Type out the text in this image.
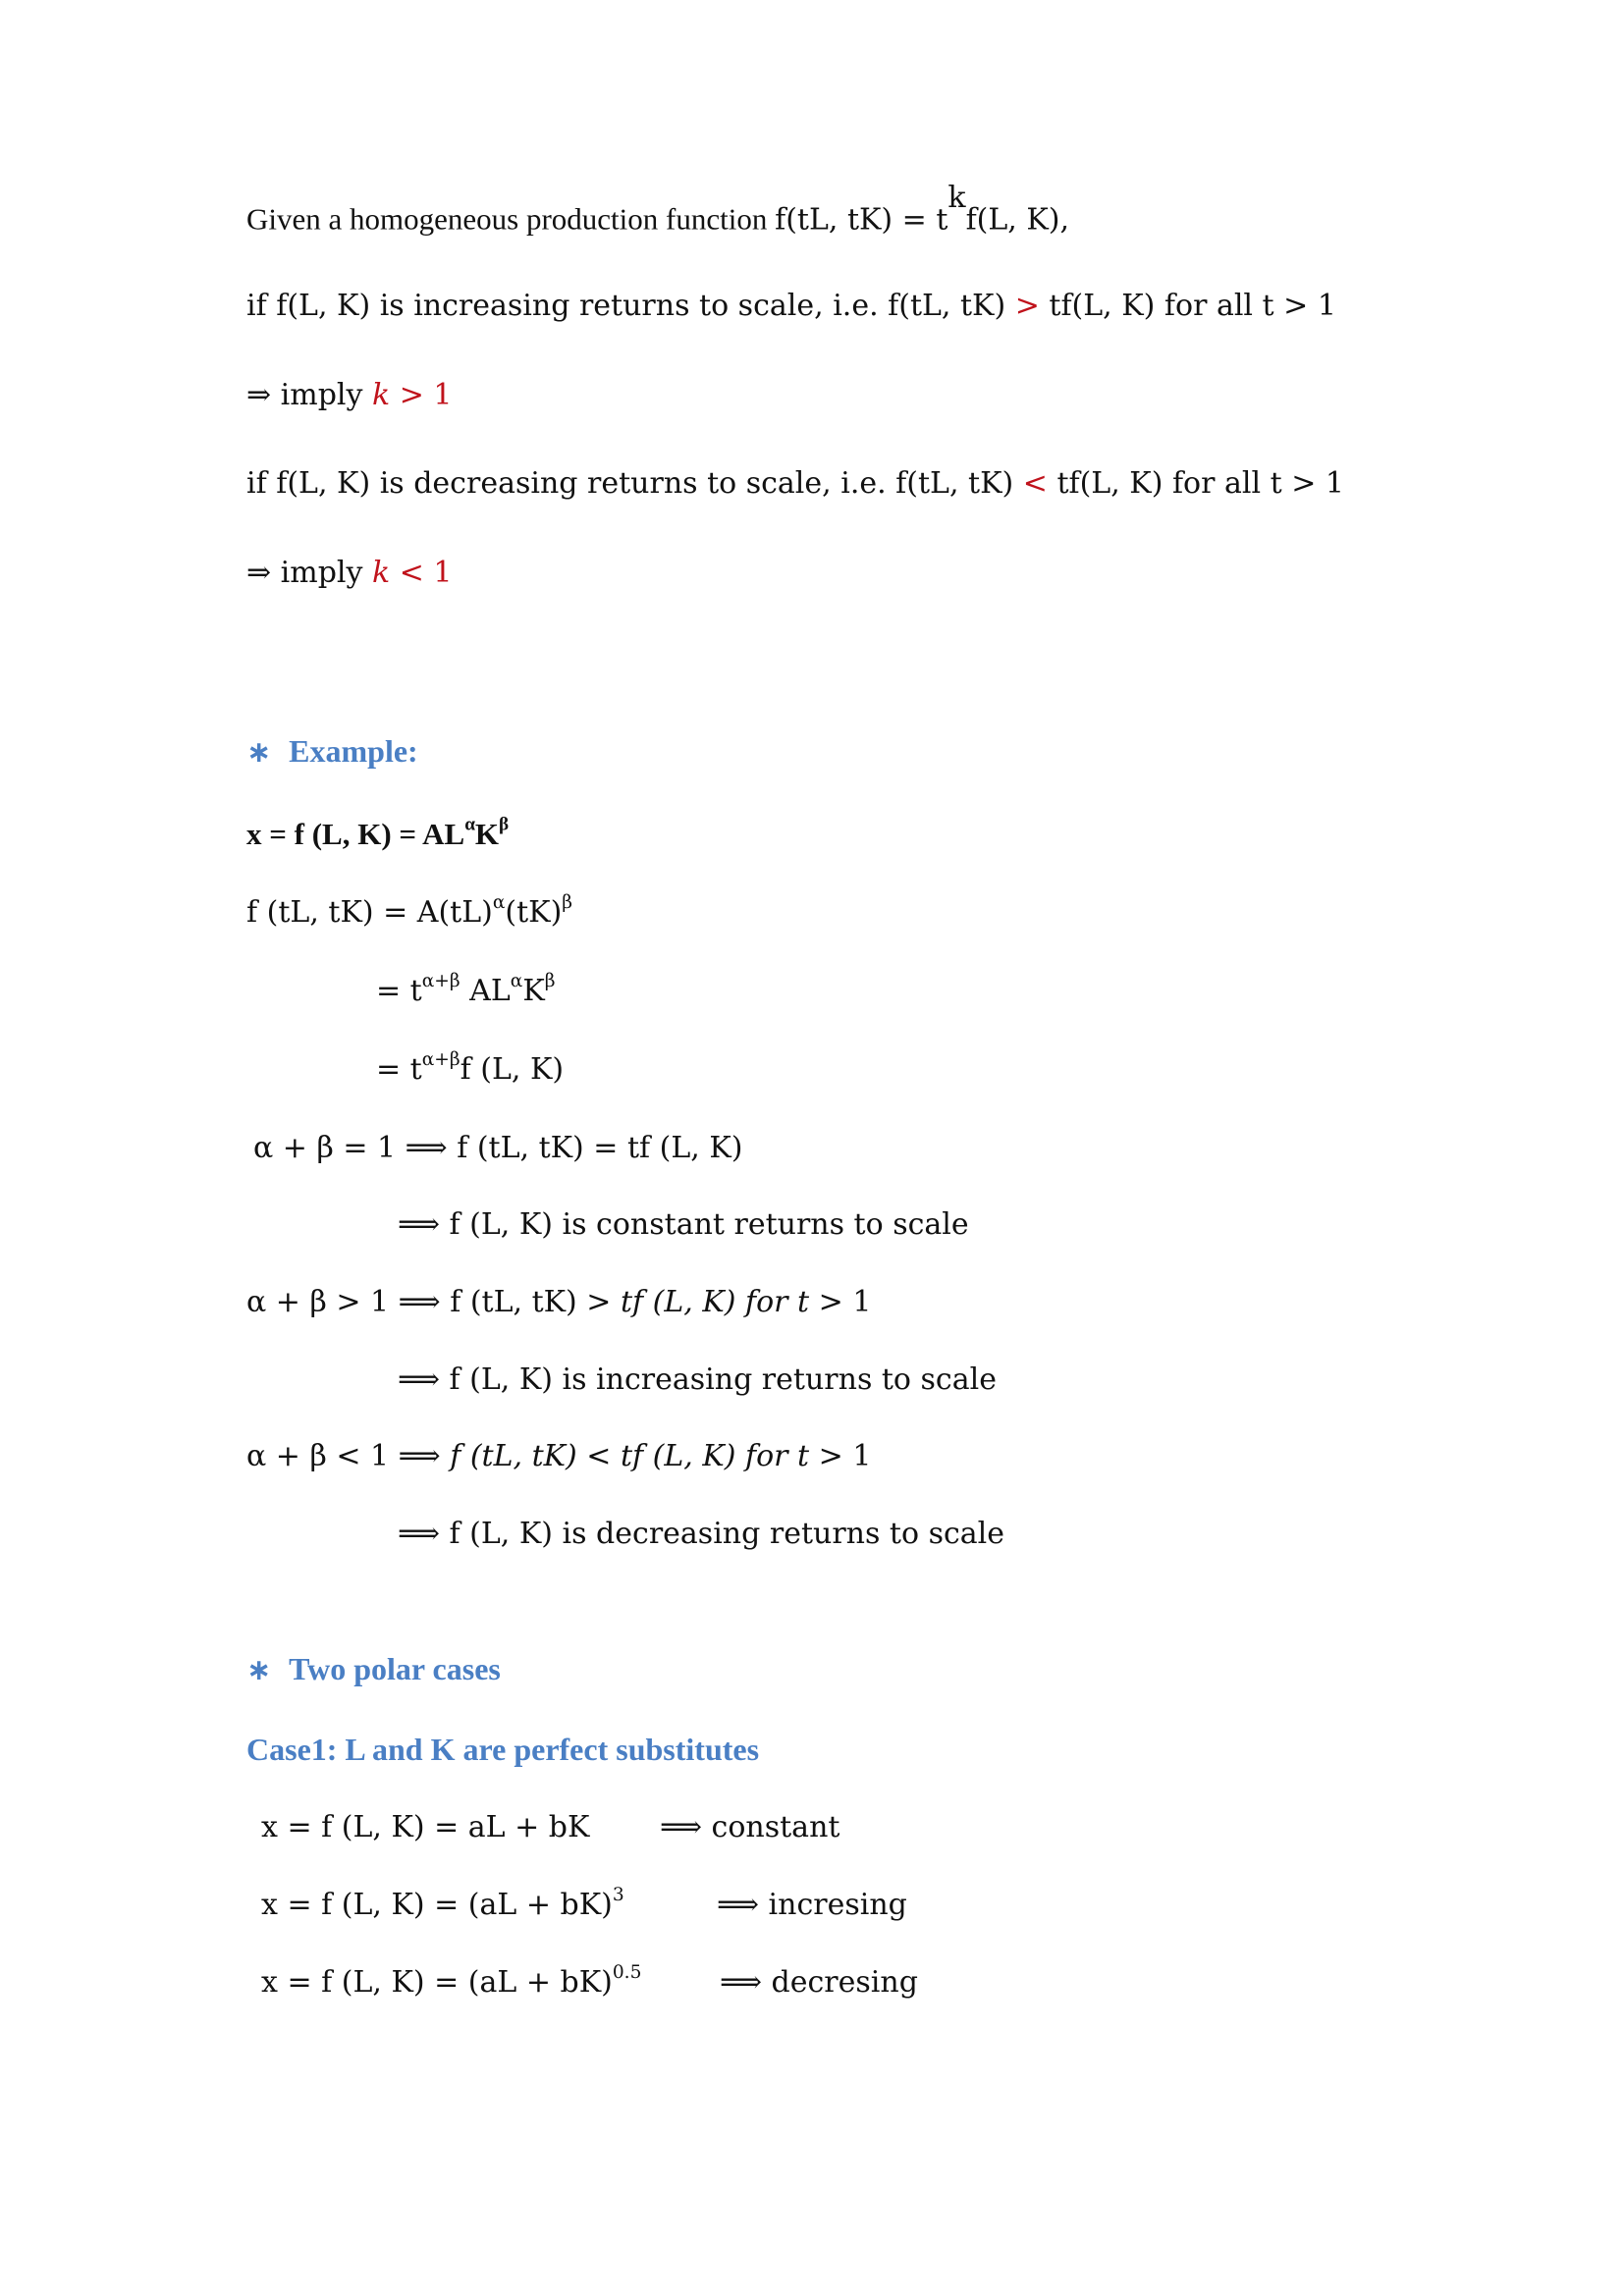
Given a homogeneous production function f(tL, $tK) = t^kf(L$, K),
if f(L, K) is increasing returns to scale, i.e. f(tL, tK) > tf(L, K) for all t > 1
⇒ imply k > 1
if f(L, K) is decreasing returns to scale, i.e. f(tL, tK) < tf(L, K) for all t > 1
⇒ imply k < 1
∗ Example:
x = f (L, $K) = AL^\alpha K^\beta$
f (tL, tK) = A(tL)$^\alpha$(tK)$^\beta$
= $t^{\alpha+\beta}$ $AL^\alpha K^\beta$
= $t^{\alpha+\beta}f$ (L, K)
α + β = 1 ⟹ f (tL, tK) = tf (L, K)
⟹ f (L, K) is constant returns to scale
α + β > 1 ⟹ f (tL, tK) > tf (L, K) for t > 1
⟹ f (L, K) is increasing returns to scale
α + β < 1 ⟹ f (tL, tK) < tf (L, K) for t > 1
⟹ f (L, K) is decreasing returns to scale
∗ Two polar cases
Case1: L and K are perfect substitutes
x = f (L, K) = aL + bK ⟹ constant
x = f (L, K) = (aL + bK)$^3$	⟹ incresing
x = f (L, K) = (aL + bK)$^{0.5}$	⟹ decresing
